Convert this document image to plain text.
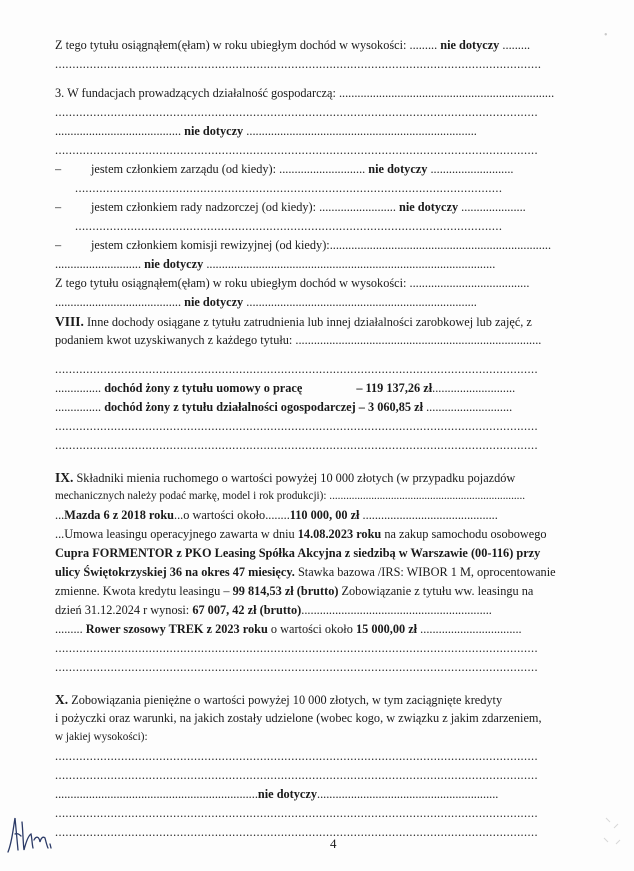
Z tego tytułu osiągnąłem(ęłam) w roku ubiegłym dochód w wysokości: ......... nie dotyczy .........
............................................................................................................................................
3. W fundacjach prowadzących działalność gospodarczą: ......................................................................
...........................................................................................................................................
......................................... nie dotyczy ...........................................................................
...........................................................................................................................................
– jestem członkiem zarządu (od kiedy): ............................ nie dotyczy ...........................
...........................................................................................................................
– jestem członkiem rady nadzorczej (od kiedy): ......................... nie dotyczy .....................
...........................................................................................................................
– jestem członkiem komisji rewizyjnej (od kiedy):........................................................................
............................ nie dotyczy ..............................................................................................
Z tego tytułu osiągnąłem(ęłam) w roku ubiegłym dochód w wysokości: .......................................
......................................... nie dotyczy ...........................................................................
VIII. Inne dochody osiągane z tytułu zatrudnienia lub innej działalności zarobkowej lub zajęć, z
podaniem kwot uzyskiwanych z każdego tytułu: ................................................................................
...........................................................................................................................................
............... dochód żony z tytułu uomowy o pracę	– 119 137,26 zł...........................
............... dochód żony z tytułu działalności ogospodarczej – 3 060,85 zł ............................
...........................................................................................................................................
...........................................................................................................................................
IX. Składniki mienia ruchomego o wartości powyżej 10 000 złotych (w przypadku pojazdów
mechanicznych należy podać markę, model i rok produkcji): ......................................................................
...Mazda 6 z 2018 roku...o wartości około........110 000, 00 zł ............................................
...Umowa leasingu operacyjnego zawarta w dniu 14.08.2023 roku na zakup samochodu osobowego
Cupra FORMENTOR z PKO Leasing Spółka Akcyjna z siedzibą w Warszawie (00-116) przy
ulicy Świętokrzyskiej 36 na okres 47 miesięcy. Stawka bazowa /IRS: WIBOR 1 M, oprocentowanie
zmienne. Kwota kredytu leasingu – 99 814,53 zł (brutto) Zobowiązanie z tytułu ww. leasingu na
dzień 31.12.2024 r wynosi: 67 007, 42 zł (brutto)..............................................................
......... Rower szosowy TREK z 2023 roku o wartości około 15 000,00 zł .................................
...........................................................................................................................................
...........................................................................................................................................
X. Zobowiązania pieniężne o wartości powyżej 10 000 złotych, w tym zaciągnięte kredyty
i pożyczki oraz warunki, na jakich zostały udzielone (wobec kogo, w związku z jakim zdarzeniem,
w jakiej wysokości):
...........................................................................................................................................
...........................................................................................................................................
..................................................................nie dotyczy...........................................................
...........................................................................................................................................
...........................................................................................................................................
•
4
